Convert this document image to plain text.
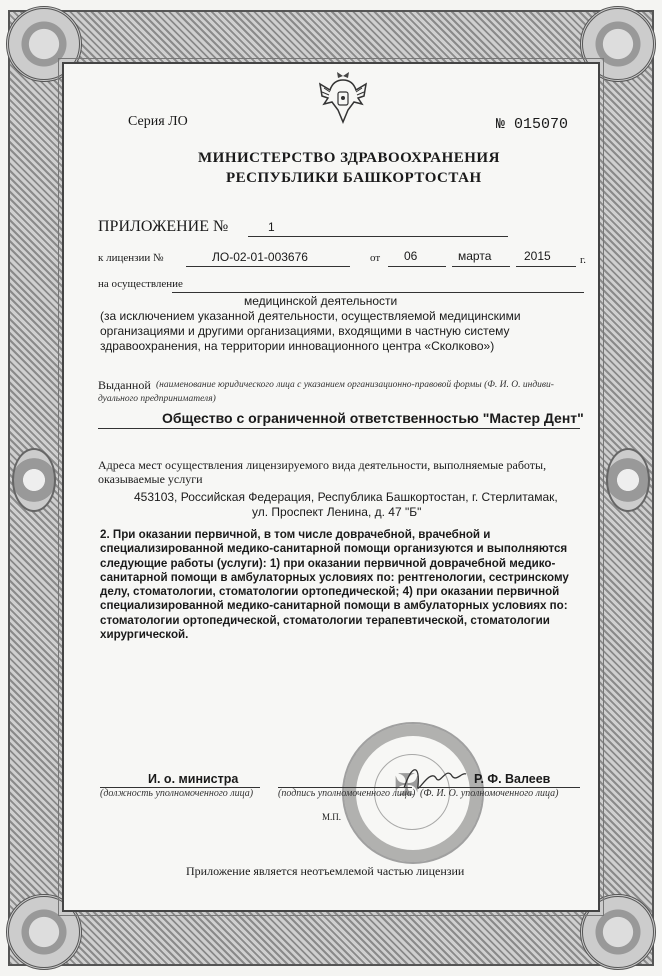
Серия ЛО	№ 015070
МИНИСТЕРСТВО ЗДРАВООХРАНЕНИЯ
РЕСПУБЛИКИ БАШКОРТОСТАН
ПРИЛОЖЕНИЕ №	1
к лицензии №	ЛО-02-01-003676	от 06	марта	2015	г.
на осуществление
медицинской деятельности
(за исключением указанной деятельности, осуществляемой медицинскими
организациями и другими организациями, входящими в частную систему
здравоохранения, на территории инновационного центра «Сколково»)
Выданной (наименование юридического лица с указанием организационно-правовой формы (Ф. И. О. индиви-
дуального предпринимателя)
Общество с ограниченной ответственностью "Мастер Дент"
Адреса мест осуществления лицензируемого вида деятельности, выполняемые работы,
оказываемые услуги
453103, Российская Федерация, Республика Башкортостан, г. Стерлитамак,
ул. Проспект Ленина, д. 47 "Б"
2. При оказании первичной, в том числе доврачебной, врачебной и
специализированной медико-санитарной помощи организуются и выполняются
следующие работы (услуги): 1) при оказании первичной доврачебной медико-
санитарной помощи в амбулаторных условиях по: рентгенологии, сестринскому
делу, стоматологии, стоматологии ортопедической; 4) при оказании первичной
специализированной медико-санитарной помощи в амбулаторных условиях по:
стоматологии ортопедической, стоматологии терапевтической, стоматологии
хирургической.
✠
И. о. министра
(должность уполномоченного лица) (подпись уполномоченного лица)
Р. Ф. Валеев
(Ф. И. О. уполномоченного лица)
М.П.
Приложение является неотъемлемой частью лицензии
